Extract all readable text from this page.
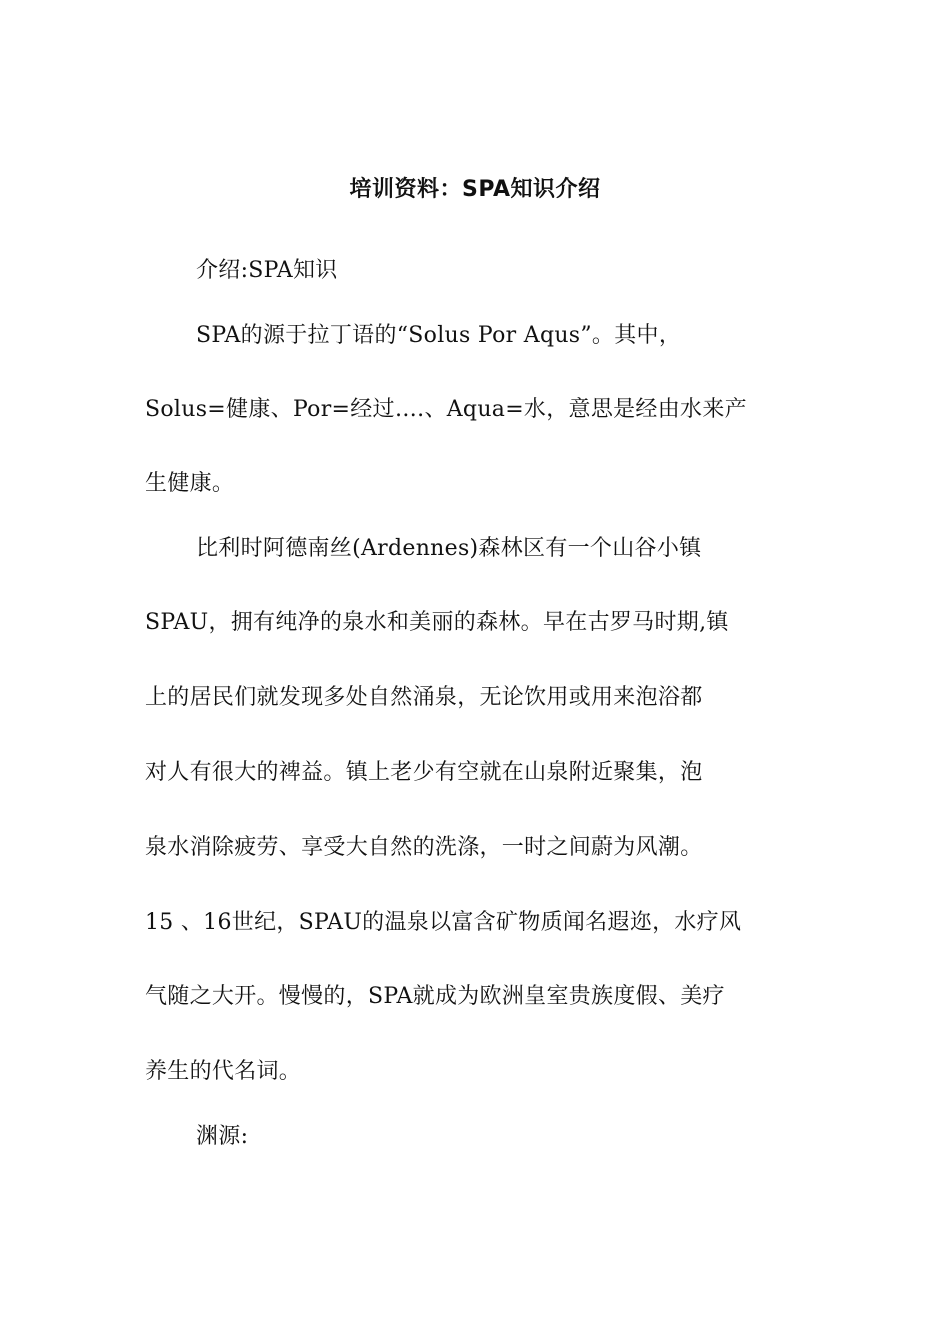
培训资料：SPA知识介绍
介绍:SPA知识
SPA的源于拉丁语的“Solus Por Aqus”。其中，
Solus=健康、Por=经过….、Aqua=水，意思是经由水来产
生健康。
比利时阿德南丝(Ardennes)森林区有一个山谷小镇
SPAU，拥有纯净的泉水和美丽的森林。早在古罗马时期,镇
上的居民们就发现多处自然涌泉，无论饮用或用来泡浴都
对人有很大的裨益。镇上老少有空就在山泉附近聚集，泡
泉水消除疲劳、享受大自然的洗涤，一时之间蔚为风潮。
15 、16世纪，SPAU的温泉以富含矿物质闻名遐迩，水疗风
气随之大开。慢慢的，SPA就成为欧洲皇室贵族度假、美疗
养生的代名词。
渊源:
